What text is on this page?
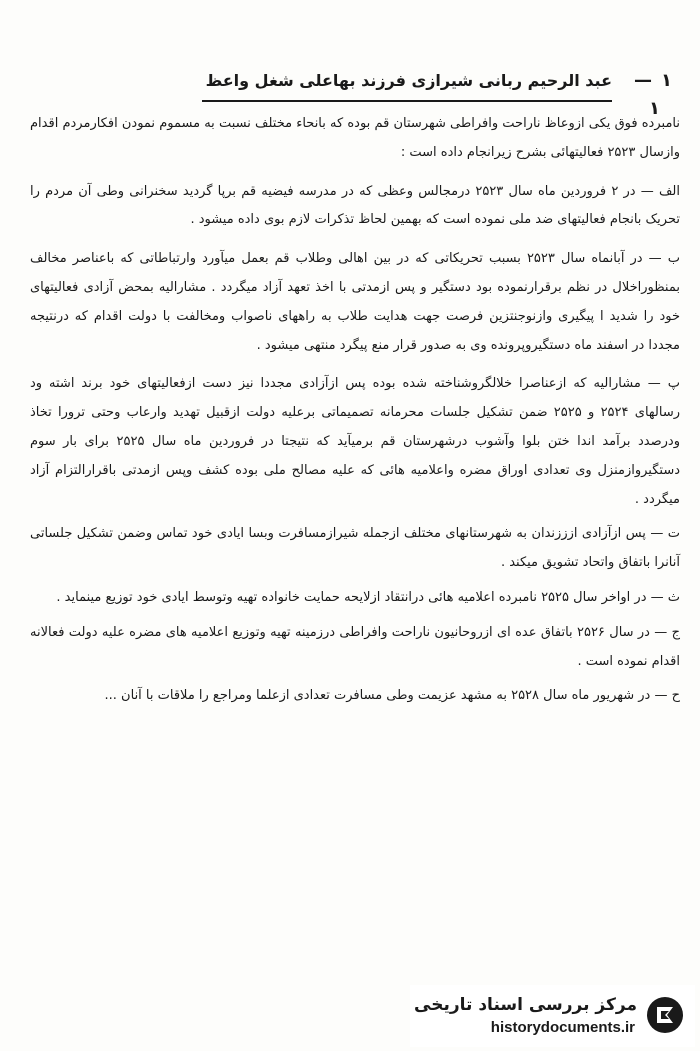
۱
—
عبد الرحیم ربانی شیرازی فرزند بهاعلی شغل واعظ
۱

نامبرده فوق یکی ازوعاظ ناراحت وافراطی شهرستان قم بوده که بانحاء مختلف نسبت به مسموم نمودن افکارمردم اقدام وازسال ۲۵۲۳ فعالیتهائی بشرح زیرانجام داده است :

الف — در ۲ فروردین ماه سال ۲۵۲۳ درمجالس وعظی که در مدرسه فیضیه قم برپا گردید سخنرانی وطی آن مردم را تحریک بانجام فعالیتهای ضد ملی نموده است که بهمین لحاظ تذکرات لازم بوی داده میشود .

ب — در آبانماه سال ۲۵۲۳ بسبب تحریکاتی که در بین اهالی وطلاب قم بعمل میآورد وارتباطاتی که باعناصر مخالف بمنظوراخلال در نظم برقرارنموده بود دستگیر و پس ازمدتی با اخذ تعهد آزاد میگردد . مشارالیه بمحض آزادی فعالیتهای خود را شدید ا پیگیری وازنوجنتزین فرصت جهت هدایت طلاب به راههای ناصواب ومخالفت با دولت اقدام که درنتیجه مجددا در اسفند ماه دستگیروپرونده وی به صدور قرار منع پیگرد منتهی میشود .

پ — مشارالیه که ازعناصرا خلالگروشناخته شده بوده پس ازآزادی مجددا نیز دست ازفعالیتهای خود برند اشته ود رسالهای ۲۵۲۴ و ۲۵۲۵ ضمن تشکیل جلسات محرمانه تصمیماتی برعلیه دولت ازقبیل تهدید وارعاب وحتی ترورا تخاذ ودرصدد برآمد اندا ختن بلوا وآشوب درشهرستان قم برمیآید که نتیجتا در فروردین ماه سال ۲۵۲۵ برای بار سوم دستگیروازمنزل وی تعدادی اوراق مضره واعلامیه هائی که علیه مصالح ملی بوده کشف وپس ازمدتی باقرارالتزام آزاد میگردد .

ت — پس ازآزادی ازززندان به شهرستانهای مختلف ازجمله شیرازمسافرت وبسا ایادی خود تماس وضمن تشکیل جلساتی آنانرا باتفاق واتحاد تشویق میکند .

ث — در اواخر سال ۲۵۲۵ نامبرده اعلامیه هائی درانتقاد ازلایحه حمایت خانواده تهیه وتوسط ایادی خود توزیع مینماید .

ج — در سال ۲۵۲۶ باتفاق عده ای ازروحانیون ناراحت وافراطی درزمینه تهیه وتوزیع اعلامیه های مضره علیه دولت فعالانه اقدام نموده است .

ح — در شهریور ماه سال ۲۵۲۸ به مشهد عزیمت وطی مسافرت تعدادی ازعلما ومراجع را ملاقات با آنان ...

مرکز بررسی اسناد تاریخی
historydocuments.ir
